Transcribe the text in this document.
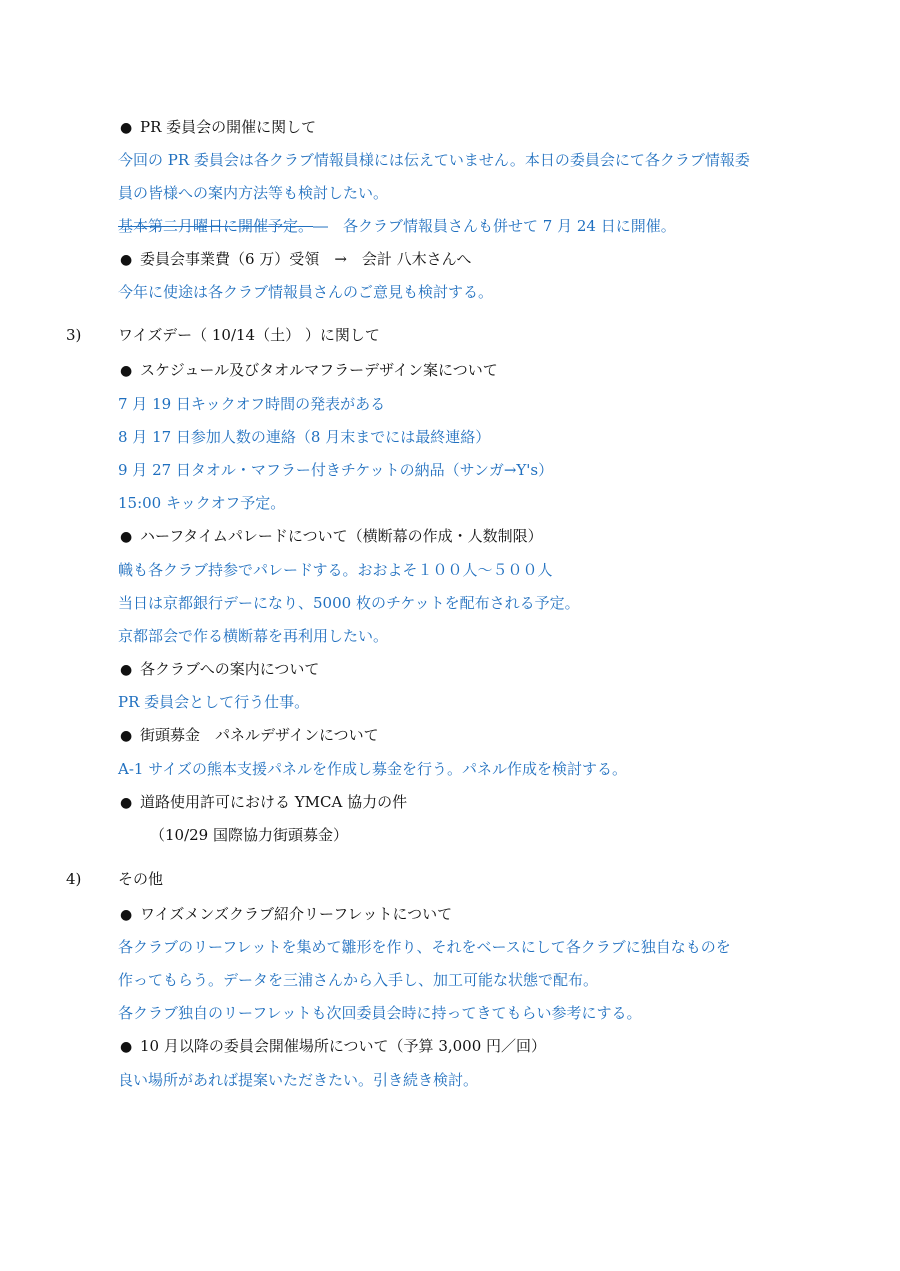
● PR 委員会の開催に関して
今回の PR 委員会は各クラブ情報員様には伝えていません。本日の委員会にて各クラブ情報委
員の皆様への案内方法等も検討したい。
基本第二月曜日に開催予定。―　各クラブ情報員さんも併せて 7 月 24 日に開催。
● 委員会事業費（6 万）受領　→　会計 八木さんへ
今年に使途は各クラブ情報員さんのご意見も検討する。
3) ワイズデー（ 10/14（土） ）に関して
● スケジュール及びタオルマフラーデザイン案について
7 月 19 日キックオフ時間の発表がある
8 月 17 日参加人数の連絡（8 月末までには最終連絡）
9 月 27 日タオル・マフラー付きチケットの納品（サンガ→Y's）
15:00 キックオフ予定。
● ハーフタイムパレードについて（横断幕の作成・人数制限）
幟も各クラブ持参でパレードする。おおよそ１００人～５００人
当日は京都銀行デーになり、5000 枚のチケットを配布される予定。
京都部会で作る横断幕を再利用したい。
● 各クラブへの案内について
PR 委員会として行う仕事。
● 街頭募金　パネルデザインについて
A-1 サイズの熊本支援パネルを作成し募金を行う。パネル作成を検討する。
● 道路使用許可における YMCA 協力の件
（10/29 国際協力街頭募金）
4) その他
● ワイズメンズクラブ紹介リーフレットについて
各クラブのリーフレットを集めて雛形を作り、それをベースにして各クラブに独自なものを
作ってもらう。データを三浦さんから入手し、加工可能な状態で配布。
各クラブ独自のリーフレットも次回委員会時に持ってきてもらい参考にする。
● 10 月以降の委員会開催場所について（予算 3,000 円／回）
良い場所があれば提案いただきたい。引き続き検討。
